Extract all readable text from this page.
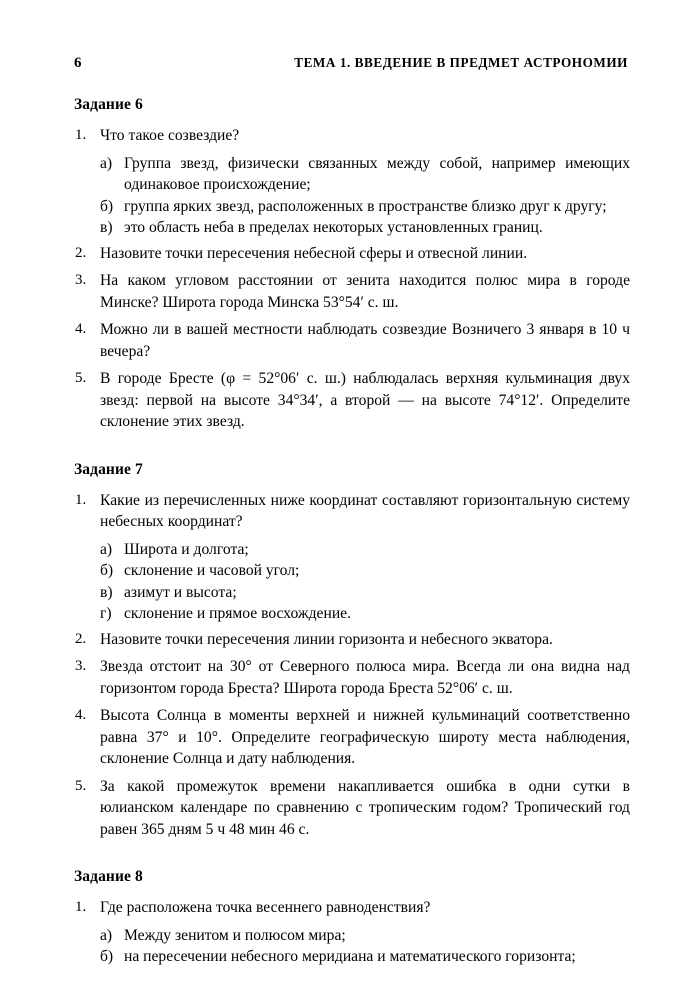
6	ТЕМА 1. ВВЕДЕНИЕ В ПРЕДМЕТ АСТРОНОМИИ
Задание 6
1. Что такое созвездие?
а) Группа звезд, физически связанных между собой, например имеющих одинаковое происхождение;
б) группа ярких звезд, расположенных в пространстве близко друг к другу;
в) это область неба в пределах некоторых установленных границ.
2. Назовите точки пересечения небесной сферы и отвесной линии.
3. На каком угловом расстоянии от зенита находится полюс мира в городе Минске? Широта города Минска 53°54′ с. ш.
4. Можно ли в вашей местности наблюдать созвездие Возничего 3 января в 10 ч вечера?
5. В городе Бресте (φ = 52°06′ с. ш.) наблюдалась верхняя кульминация двух звезд: первой на высоте 34°34′, а второй — на высоте 74°12′. Определите склонение этих звезд.
Задание 7
1. Какие из перечисленных ниже координат составляют горизонтальную систему небесных координат?
а) Широта и долгота;
б) склонение и часовой угол;
в) азимут и высота;
г) склонение и прямое восхождение.
2. Назовите точки пересечения линии горизонта и небесного экватора.
3. Звезда отстоит на 30° от Северного полюса мира. Всегда ли она видна над горизонтом города Бреста? Широта города Бреста 52°06′ с. ш.
4. Высота Солнца в моменты верхней и нижней кульминаций соответственно равна 37° и 10°. Определите географическую широту места наблюдения, склонение Солнца и дату наблюдения.
5. За какой промежуток времени накапливается ошибка в одни сутки в юлианском календаре по сравнению с тропическим годом? Тропический год равен 365 дням 5 ч 48 мин 46 с.
Задание 8
1. Где расположена точка весеннего равноденствия?
а) Между зенитом и полюсом мира;
б) на пересечении небесного меридиана и математического горизонта;
